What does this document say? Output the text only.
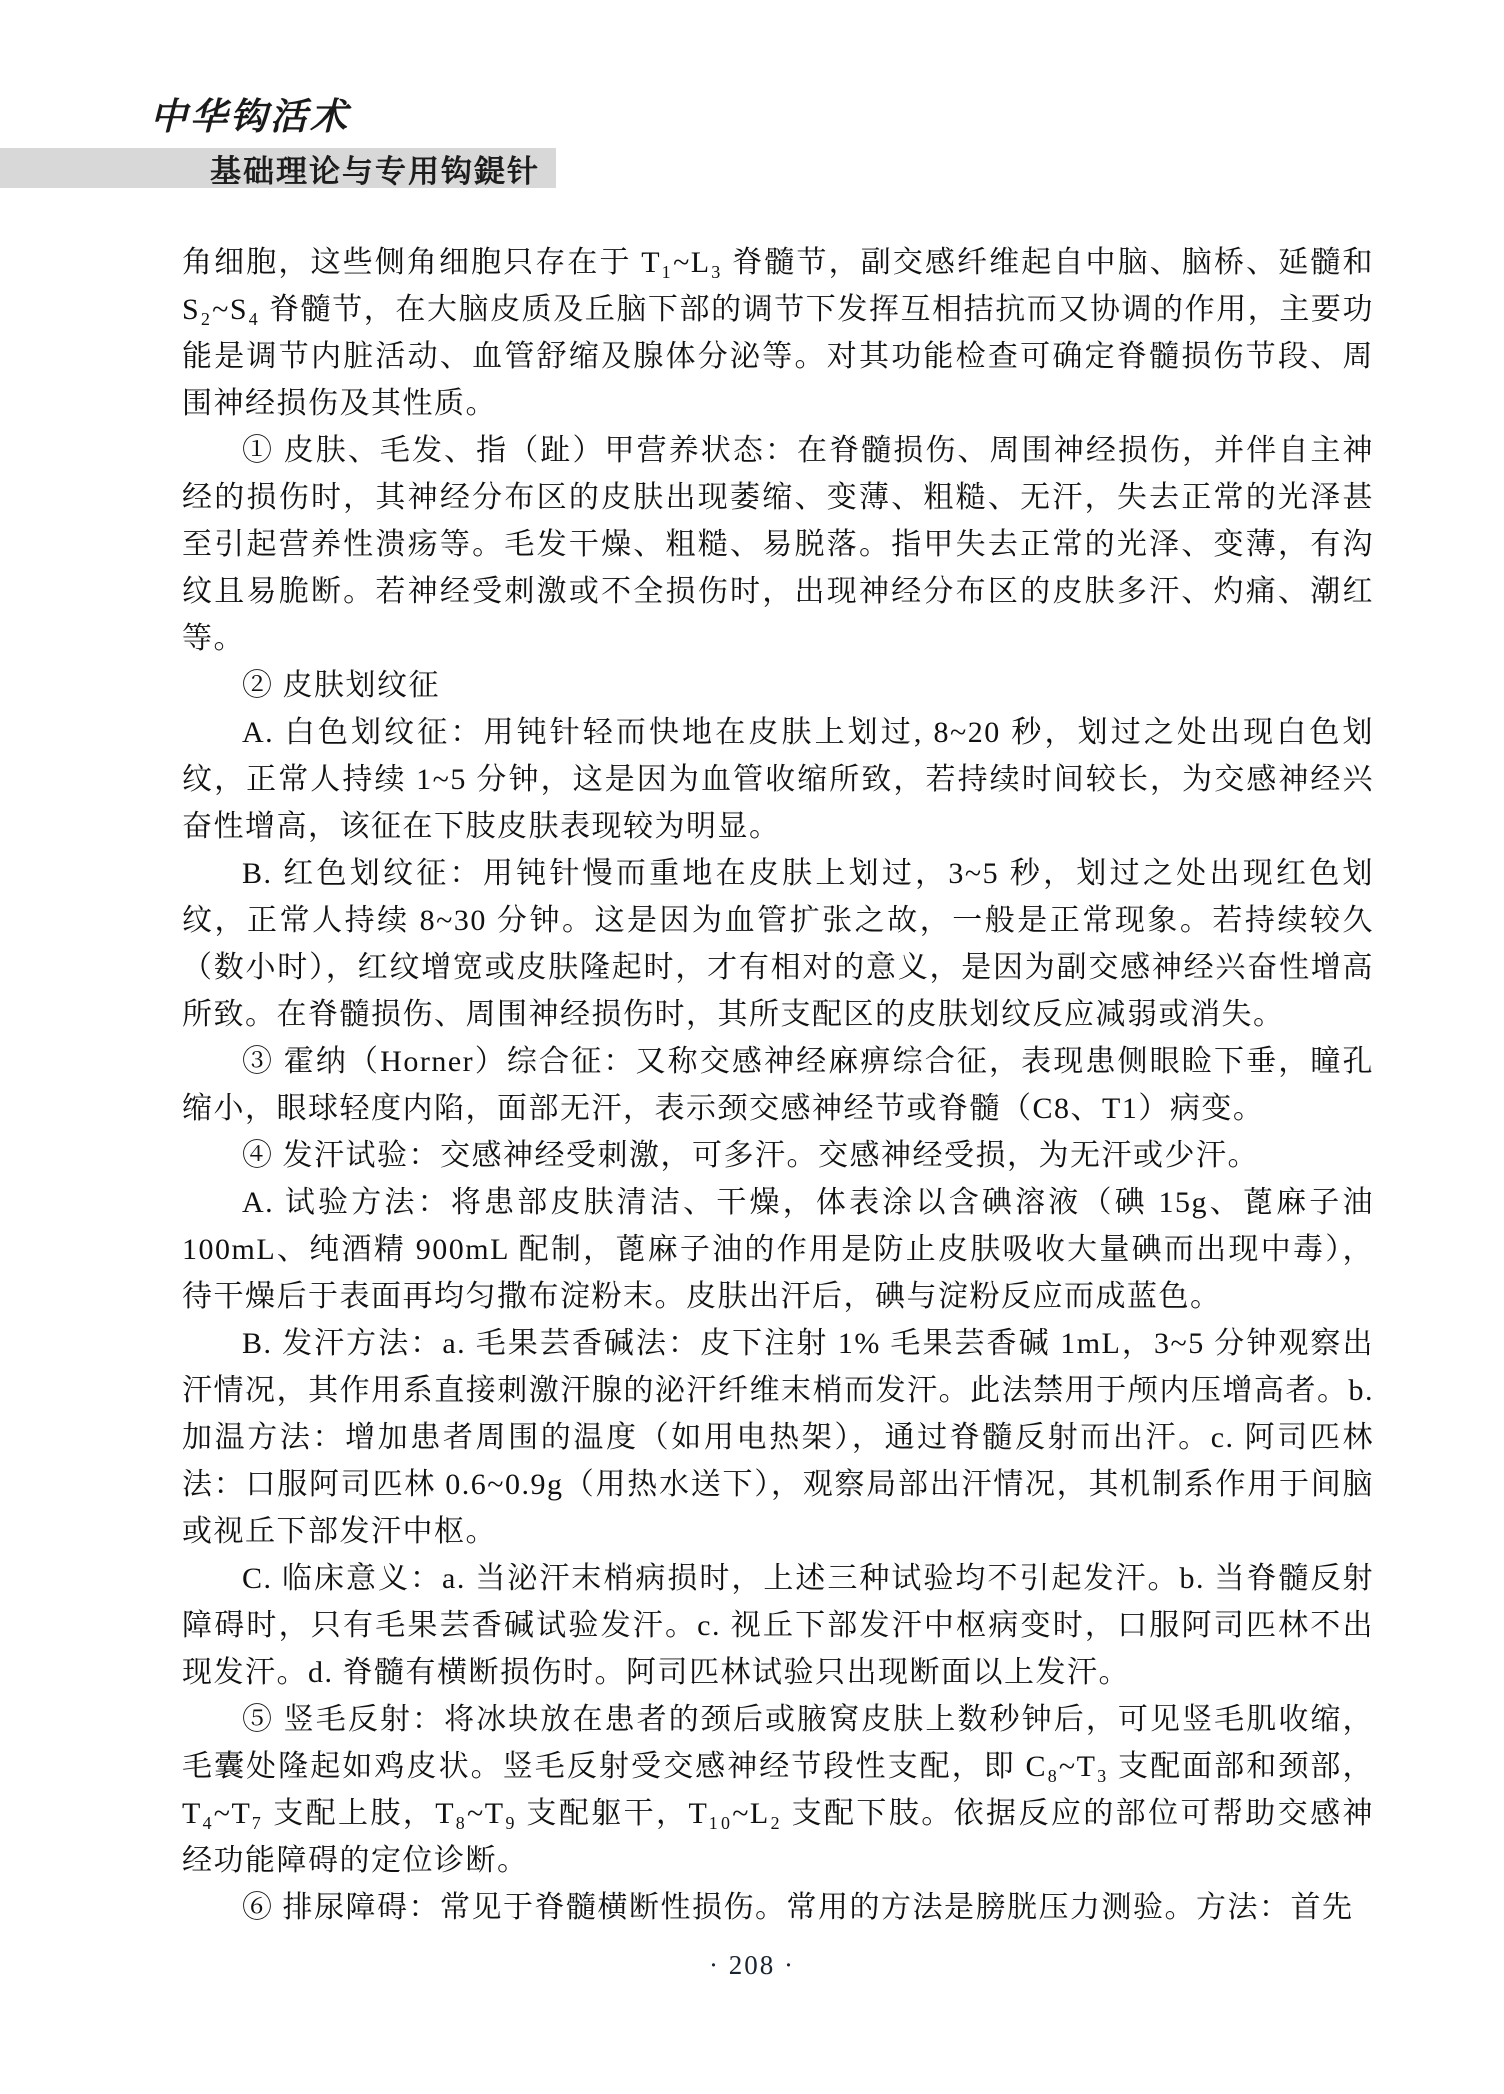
中华钩活术
基础理论与专用钩鍉针

角细胞，这些侧角细胞只存在于 T₁~L₃ 脊髓节，副交感纤维起自中脑、脑桥、延髓和 S₂~S₄ 脊髓节，在大脑皮质及丘脑下部的调节下发挥互相拮抗而又协调的作用，主要功能是调节内脏活动、血管舒缩及腺体分泌等。对其功能检查可确定脊髓损伤节段、周围神经损伤及其性质。

① 皮肤、毛发、指（趾）甲营养状态：在脊髓损伤、周围神经损伤，并伴自主神经的损伤时，其神经分布区的皮肤出现萎缩、变薄、粗糙、无汗，失去正常的光泽甚至引起营养性溃疡等。毛发干燥、粗糙、易脱落。指甲失去正常的光泽、变薄，有沟纹且易脆断。若神经受刺激或不全损伤时，出现神经分布区的皮肤多汗、灼痛、潮红等。

② 皮肤划纹征

A. 白色划纹征：用钝针轻而快地在皮肤上划过, 8~20 秒，划过之处出现白色划纹，正常人持续 1~5 分钟，这是因为血管收缩所致，若持续时间较长，为交感神经兴奋性增高，该征在下肢皮肤表现较为明显。

B. 红色划纹征：用钝针慢而重地在皮肤上划过，3~5 秒，划过之处出现红色划纹，正常人持续 8~30 分钟。这是因为血管扩张之故，一般是正常现象。若持续较久（数小时），红纹增宽或皮肤隆起时，才有相对的意义，是因为副交感神经兴奋性增高所致。在脊髓损伤、周围神经损伤时，其所支配区的皮肤划纹反应减弱或消失。

③ 霍纳（Horner）综合征：又称交感神经麻痹综合征，表现患侧眼睑下垂，瞳孔缩小，眼球轻度内陷，面部无汗，表示颈交感神经节或脊髓（C8、T1）病变。

④ 发汗试验：交感神经受刺激，可多汗。交感神经受损，为无汗或少汗。

A. 试验方法：将患部皮肤清洁、干燥，体表涂以含碘溶液（碘 15g、蓖麻子油 100mL、纯酒精 900mL 配制，蓖麻子油的作用是防止皮肤吸收大量碘而出现中毒），待干燥后于表面再均匀撒布淀粉末。皮肤出汗后，碘与淀粉反应而成蓝色。

B. 发汗方法：a. 毛果芸香碱法：皮下注射 1% 毛果芸香碱 1mL，3~5 分钟观察出汗情况，其作用系直接刺激汗腺的泌汗纤维末梢而发汗。此法禁用于颅内压增高者。b. 加温方法：增加患者周围的温度（如用电热架），通过脊髓反射而出汗。c. 阿司匹林法：口服阿司匹林 0.6~0.9g（用热水送下），观察局部出汗情况，其机制系作用于间脑或视丘下部发汗中枢。

C. 临床意义：a. 当泌汗末梢病损时，上述三种试验均不引起发汗。b. 当脊髓反射障碍时，只有毛果芸香碱试验发汗。c. 视丘下部发汗中枢病变时，口服阿司匹林不出现发汗。d. 脊髓有横断损伤时。阿司匹林试验只出现断面以上发汗。

⑤ 竖毛反射：将冰块放在患者的颈后或腋窝皮肤上数秒钟后，可见竖毛肌收缩，毛囊处隆起如鸡皮状。竖毛反射受交感神经节段性支配，即 C₈~T₃ 支配面部和颈部，T₄~T₇ 支配上肢，T₈~T₉ 支配躯干，T₁₀~L₂ 支配下肢。依据反应的部位可帮助交感神经功能障碍的定位诊断。

⑥ 排尿障碍：常见于脊髓横断性损伤。常用的方法是膀胱压力测验。方法：首先

· 208 ·
